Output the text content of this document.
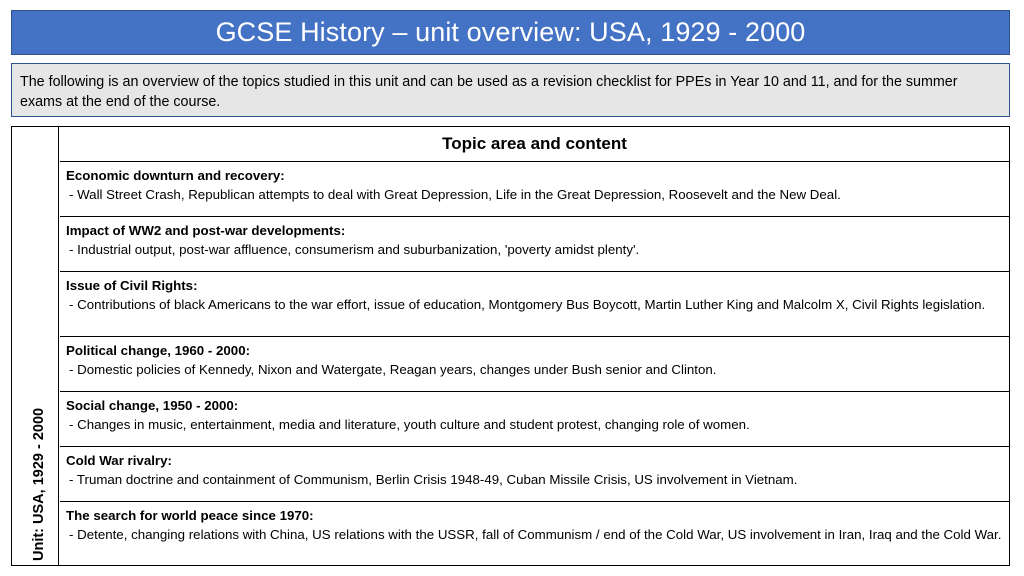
GCSE History – unit overview: USA, 1929 - 2000
The following is an overview of the topics studied in this unit and can be used as a revision checklist for PPEs in Year 10 and 11, and for the summer exams at the end of the course.
Unit: USA, 1929 - 2000
Topic area and content
Economic downturn and recovery:
- Wall Street Crash, Republican attempts to deal with Great Depression, Life in the Great Depression, Roosevelt and the New Deal.
Impact of WW2 and post-war developments:
- Industrial output, post-war affluence, consumerism and suburbanization, 'poverty amidst plenty'.
Issue of Civil Rights:
- Contributions of black Americans to the war effort, issue of education, Montgomery Bus Boycott, Martin Luther King and Malcolm X, Civil Rights legislation.
Political change, 1960 - 2000:
- Domestic policies of Kennedy, Nixon and Watergate, Reagan years, changes under Bush senior and Clinton.
Social change, 1950 - 2000:
- Changes in music, entertainment, media and literature, youth culture and student protest, changing role of women.
Cold War rivalry:
- Truman doctrine and containment of Communism, Berlin Crisis 1948-49, Cuban Missile Crisis, US involvement in Vietnam.
The search for world peace since 1970:
- Detente, changing relations with China, US relations with the USSR, fall of Communism / end of the Cold War, US involvement in Iran, Iraq and the Cold War.
